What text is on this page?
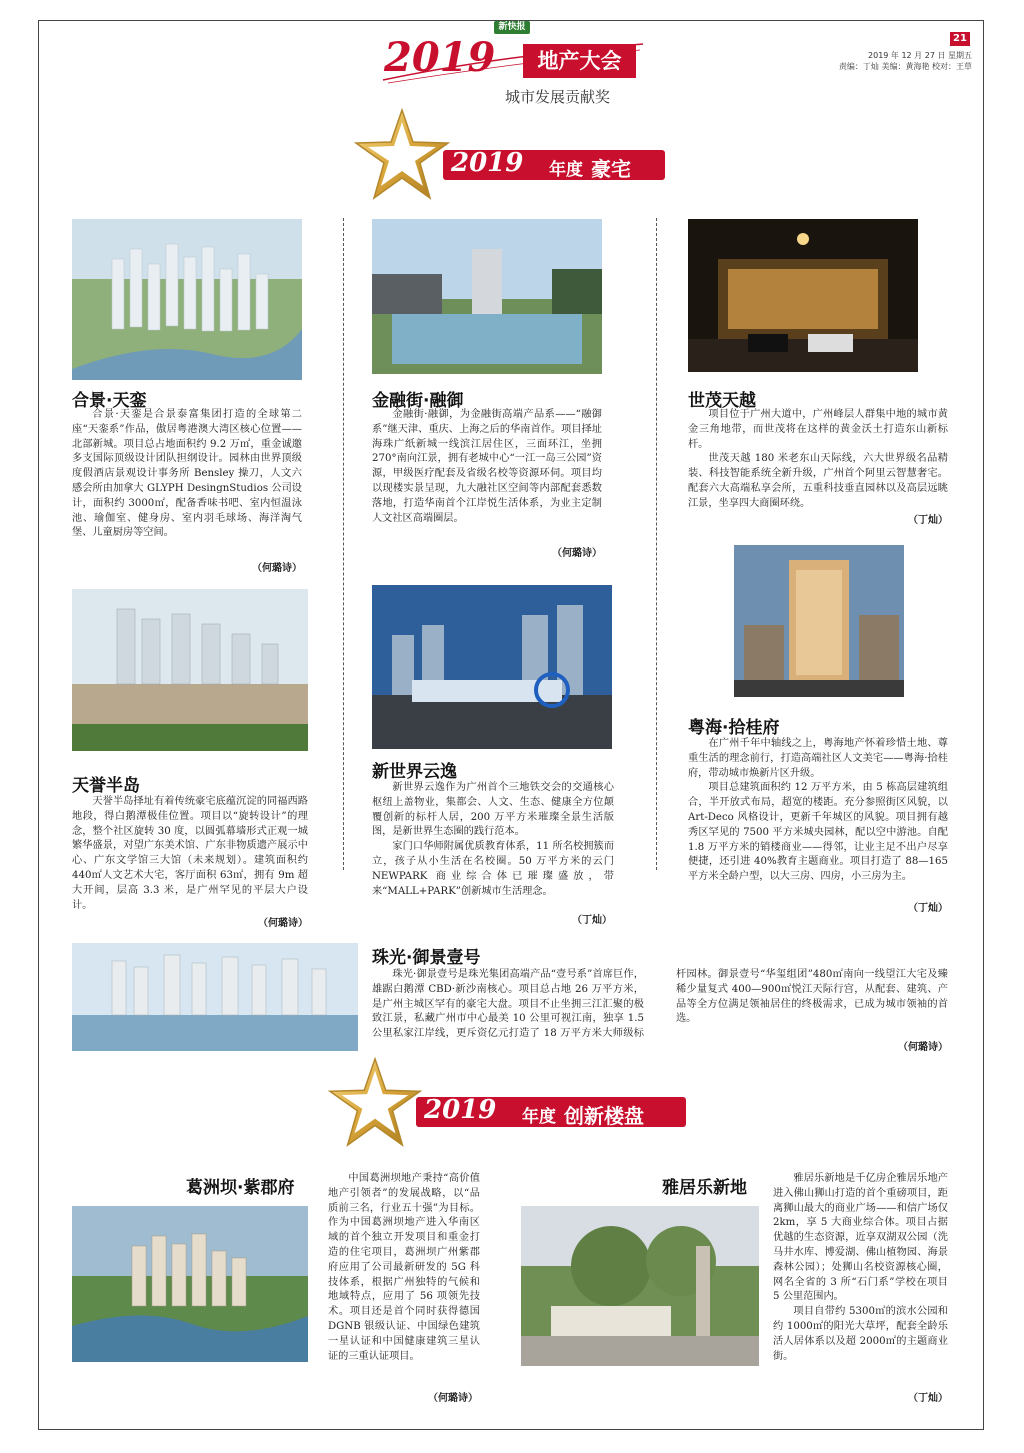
新快报
2019	地产大会
城市发展贡献奖
21
2019 年 12 月 27 日 星期五
责编：丁灿 美编：黄海艳 校对：王草
2019 年度 豪宅
合景·天銮

合景·天銮是合景泰富集团打造的全球第二座“天銮系”作品，傲居粤港澳大湾区核心位置——北部新城。项目总占地面积约 9.2 万㎡，重金诚邀多支国际顶级设计团队担纲设计。园林由世界顶级度假酒店景观设计事务所 Bensley 操刀，人文六感会所由加拿大 GLYPH DesingnStudios 公司设计，面积约 3000㎡，配备香味书吧、室内恒温泳池、瑜伽室、健身房、室内羽毛球场、海洋淘气堡、儿童厨房等空间。

（何璐诗）
金融街·融御

金融街·融御，为金融街高端产品系——“融御系”继天津、重庆、上海之后的华南首作。项目择址海珠广纸新城一线滨江居住区，三面环江，坐拥 270°南向江景，拥有老城中心“一江一岛三公园”资源，甲级医疗配套及省级名校等资源环伺。项目均以现楼实景呈现，九大融社区空间等内部配套悉数落地，打造华南首个江岸悦生活体系，为业主定制人文社区高端圈层。

（何璐诗）
世茂天越

项目位于广州大道中，广州峰层人群集中地的城市黄金三角地带，而世茂将在这样的黄金沃土打造东山新标杆。

世茂天越 180 米老东山天际线，六大世界级名品精装、科技智能系统全新升级，广州首个阿里云智慧奢宅。配套六大高端私享会所，五重科技垂直园林以及高层远眺江景，坐享四大商圈环绕。

（丁灿）
天誉半岛

天誉半岛择址有着传统豪宅底蕴沉淀的同福西路地段，得白鹅潭极佳位置。项目以“旋转设计”的理念，整个社区旋转 30 度，以圆弧幕墙形式正观一城繁华盛景，对望广东美术馆、广东非物质遗产展示中心、广东文学馆三大馆（未来规划）。建筑面积约 440㎡人文艺术大宅，客厅面积 63㎡，拥有 9m 超大开间，层高 3.3 米，是广州罕见的平层大户设计。

（何璐诗）
新世界云逸

新世界云逸作为广州首个三地铁交会的交通核心枢纽上盖物业，集都会、人文、生态、健康全方位颠覆创新的标杆人居，200 万平方米璀璨全景生活版图，是新世界生态圈的践行范本。

家门口华师附属优质教育体系，11 所名校拥簇而立，孩子从小生活在名校圈。50 万平方米的云门 NEWPARK 商业综合体已璀璨盛放，带来“MALL+PARK”创新城市生活理念。

（丁灿）
粤海·拾桂府

在广州千年中轴线之上，粤海地产怀着珍惜土地、尊重生活的理念前行，打造高端社区人文美宅——粤海·拾桂府，带动城市焕新片区升级。

项目总建筑面积约 12 万平方米，由 5 栋高层建筑组合，半开放式布局，超宽的楼距。充分参照街区风貌，以 Art-Deco 风格设计，更新千年城区的风貌。项目拥有越秀区罕见的 7500 平方米城央园林，配以空中游池。自配 1.8 万平方米的销楼商业——得邻，让业主足不出户尽享便捷，还引进 40%教育主题商业。项目打造了 88—165 平方米全龄户型，以大三房、四房，小三房为主。

（丁灿）
珠光·御景壹号

珠光·御景壹号是珠光集团高端产品“壹号系”首席巨作，雄踞白鹅潭 CBD·新沙南核心。项目总占地 26 万平方米，是广州主城区罕有的豪宅大盘。项目不止坐拥三江汇聚的极致江景，私藏广州市中心最美 10 公里可视江南，独享 1.5 公里私家江岸线，更斥资亿元打造了 18 万平方米大师级标杆园林。御景壹号“华玺组团”480㎡南向一线望江大宅及臻稀少量复式 400—900㎡悦江天际行宫，从配套、建筑、产品等全方位满足领袖居住的终极需求，已成为城市领袖的首选。

（何璐诗）
2019 年度 创新楼盘
葛洲坝·紫郡府	中国葛洲坝地产秉持“高价值地产引领者”的发展战略，以“品质前三名，行业五十强”为目标。作为中国葛洲坝地产进入华南区域的首个独立开发项目和重金打造的住宅项目，葛洲坝广州紫郡府应用了公司最新研发的 5G 科技体系，根据广州独特的气候和地域特点，应用了 56 项领先技术。项目还是首个同时获得德国 DGNB 银级认证、中国绿色建筑一星认证和中国健康建筑三星认证的三重认证项目。

（何璐诗）
雅居乐新地	雅居乐新地是千亿房企雅居乐地产进入佛山狮山打造的首个重磅项目，距离狮山最大的商业广场——和信广场仅 2km，享 5 大商业综合体。项目占据优越的生态资源，近享双湖双公园（洗马井水库、博爱湖、佛山植物园、海景森林公园）；处狮山名校资源核心圈，网名全省的 3 所“石门系”学校在项目 5 公里范围内。

项目自带约 5300㎡的滨水公园和约 1000㎡的阳光大草坪，配套全龄乐活人居体系以及超 2000㎡的主题商业街。

（丁灿）
